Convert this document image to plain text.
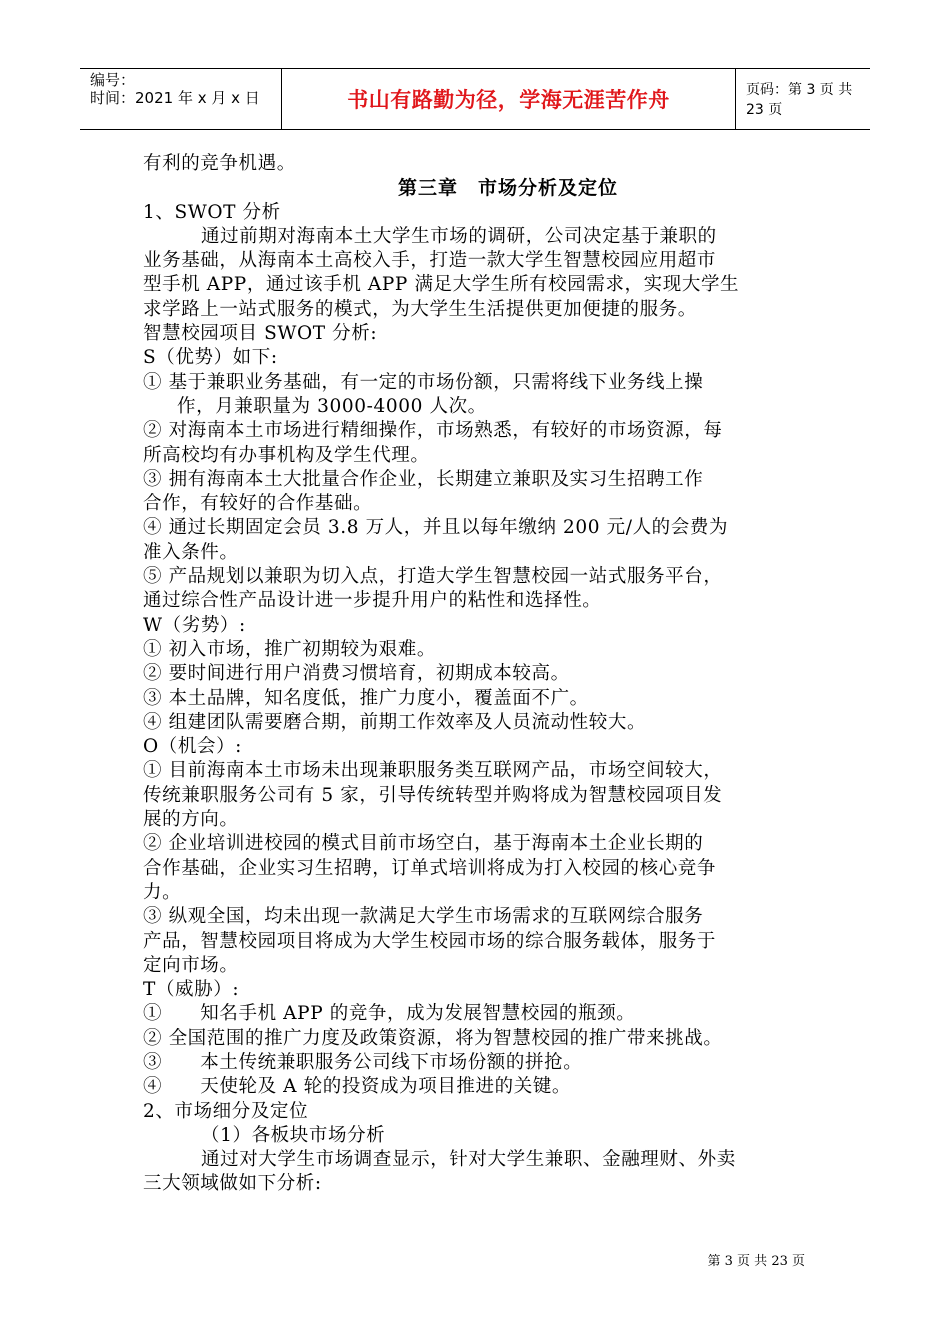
编号：
时间：2021 年 x 月 x 日	书山有路勤为径，学海无涯苦作舟	页码：第 3 页 共 23 页
有利的竞争机遇。
第三章　市场分析及定位
1、SWOT 分析
通过前期对海南本土大学生市场的调研，公司决定基于兼职的
业务基础，从海南本土高校入手，打造一款大学生智慧校园应用超市
型手机 APP，通过该手机 APP 满足大学生所有校园需求，实现大学生
求学路上一站式服务的模式，为大学生生活提供更加便捷的服务。
智慧校园项目 SWOT 分析:
S（优势）如下:
① 基于兼职业务基础，有一定的市场份额，只需将线下业务线上操
作，月兼职量为 3000-4000 人次。
② 对海南本土市场进行精细操作，市场熟悉，有较好的市场资源，每
所高校均有办事机构及学生代理。
③ 拥有海南本土大批量合作企业，长期建立兼职及实习生招聘工作
合作，有较好的合作基础。
④ 通过长期固定会员 3.8 万人，并且以每年缴纳 200 元/人的会费为
准入条件。
⑤ 产品规划以兼职为切入点，打造大学生智慧校园一站式服务平台，
通过综合性产品设计进一步提升用户的粘性和选择性。
W（劣势）:
① 初入市场，推广初期较为艰难。
② 要时间进行用户消费习惯培育，初期成本较高。
③ 本土品牌，知名度低，推广力度小，覆盖面不广。
④ 组建团队需要磨合期，前期工作效率及人员流动性较大。
O（机会）:
① 目前海南本土市场未出现兼职服务类互联网产品，市场空间较大，
传统兼职服务公司有 5 家，引导传统转型并购将成为智慧校园项目发
展的方向。
② 企业培训进校园的模式目前市场空白，基于海南本土企业长期的
合作基础，企业实习生招聘，订单式培训将成为打入校园的核心竞争
力。
③ 纵观全国，均未出现一款满足大学生市场需求的互联网综合服务
产品，智慧校园项目将成为大学生校园市场的综合服务载体，服务于
定向市场。
T（威胁）:
①　　知名手机 APP 的竞争，成为发展智慧校园的瓶颈。
② 全国范围的推广力度及政策资源，将为智慧校园的推广带来挑战。
③　　本土传统兼职服务公司线下市场份额的拼抢。
④　　天使轮及 A 轮的投资成为项目推进的关键。
2、市场细分及定位
（1）各板块市场分析
通过对大学生市场调查显示，针对大学生兼职、金融理财、外卖
三大领域做如下分析:
第 3 页 共 23 页
